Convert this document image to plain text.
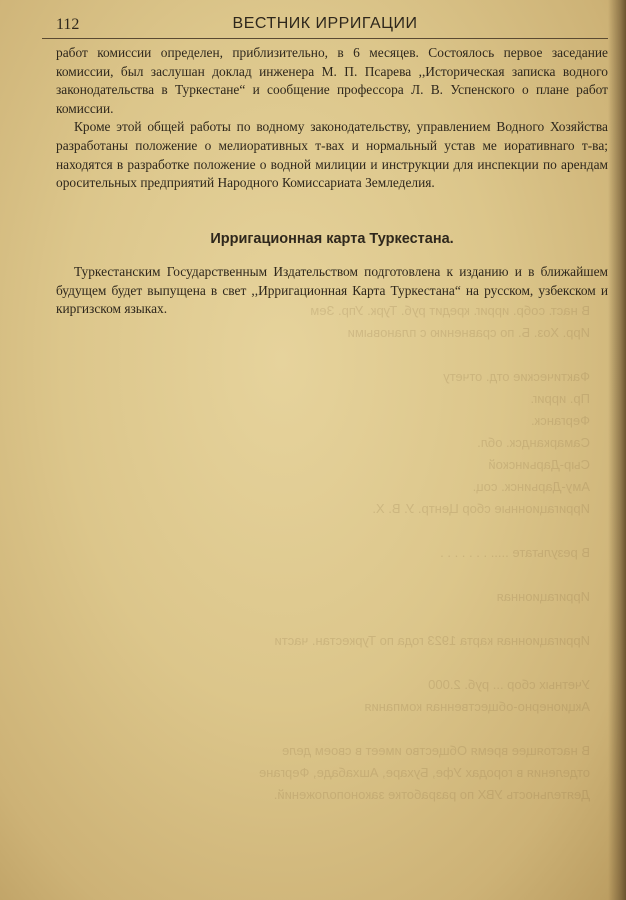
В наст. собр. ирриг. кредит руб. Турк. Упр. Зем
Ирр. Хоз. Б. по сравнению с плановыми

Фактические отд. отчету
Пр. ирриг.
Ферганск.
Самаркандск. обл.
Сыр-Дарьинской
Аму-Дарьинск. соц.
Ирригационные сбор Центр. У. В. Х.

В результате ..... . . . . . . .

Ирригационная

Ирригационная карта 1923 года по Туркестан. части

Учетных сбор ... руб. 2.000
Акционерно-общественная компания

В настоящее время Общество имеет в своем деле
отделения в городах Уфе, Бухаре, Ашхабаде, Фергане
Деятельность УВХ по разработке законоположений.
112	ВЕСТНИК ИРРИГАЦИИ

работ комиссии определен, приблизительно, в 6 месяцев. Состоялось первое заседание комиссии, был заслушан доклад инженера М. П. Псарева ,,Историческая записка водного законодательства в Туркестане“ и сообщение профессора Л. В. Успенского о плане работ комиссии.

Кроме этой общей работы по водному законодательству, управлением Водного Хозяйства разработаны положение о мелиоративных т-вах и нормальный устав ме иоративнаго т-ва; находятся в разработке положение о водной милиции и инструкции для инспекции по арендам оросительных предприятий Народного Комиссариата Земледелия.

Ирригационная карта Туркестана.

Туркестанским Государственным Издательством подготовлена к изданию и в ближайшем будущем будет выпущена в свет ,,Ирригационная Карта Туркестана“ на русском, узбекском и киргизском языках.
